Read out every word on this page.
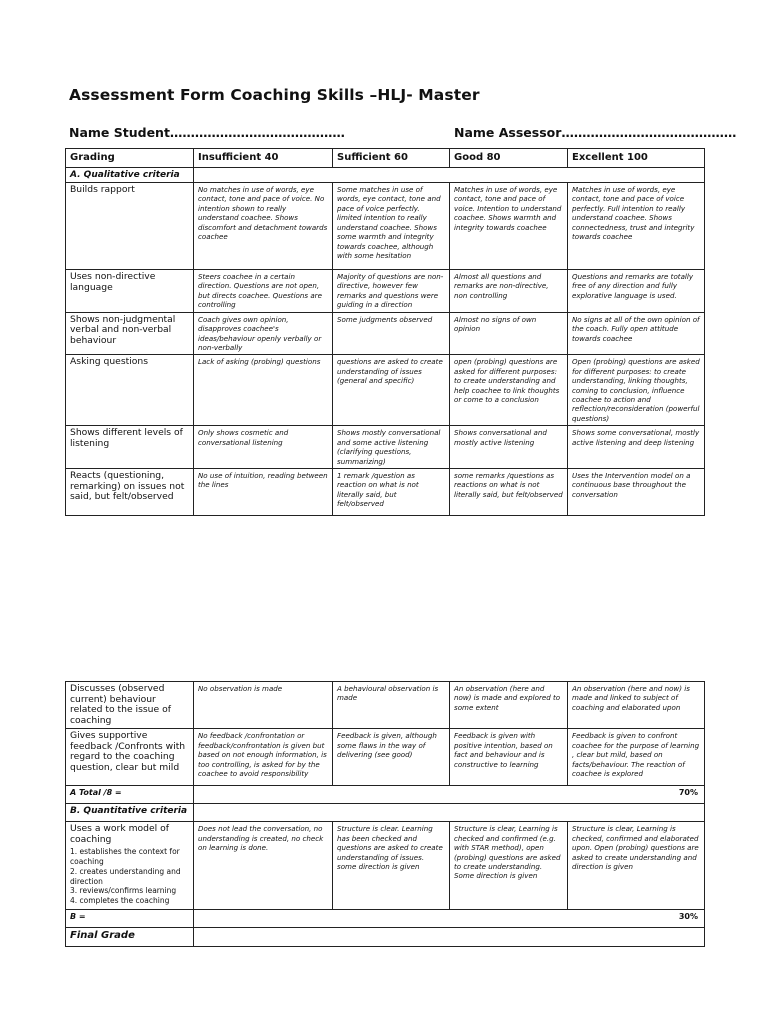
Assessment Form Coaching Skills –HLJ- Master
Name Student……………………………………	Name Assessor……………………………………
Grading	Insufficient 40	Sufficient 60	Good 80	Excellent 100
A. Qualitative criteria				
Builds rapport	No matches in use of words, eye contact, tone and pace of voice. No intention shown to really understand coachee. Shows discomfort and detachment towards coachee	Some matches in use of words, eye contact, tone and pace of voice perfectly. limited intention to really understand coachee. Shows some warmth and integrity towards coachee, although with some hesitation	Matches in use of words, eye contact, tone and pace of voice. Intention to understand coachee. Shows warmth and integrity towards coachee	Matches in use of words, eye contact, tone and pace of voice perfectly. Full intention to really understand coachee. Shows connectedness, trust and integrity towards coachee
Uses non-directive language	Steers coachee in a certain direction. Questions are not open, but directs coachee. Questions are controlling	Majority of questions are non-directive, however few remarks and questions were guiding in a direction	Almost all questions and remarks are non-directive, non controlling	Questions and remarks are totally free of any direction and fully explorative language is used.
Shows non-judgmental verbal and non-verbal behaviour	Coach gives own opinion, disapproves coachee's ideas/behaviour openly verbally or non-verbally	Some judgments observed	Almost no signs of own opinion	No signs at all of the own opinion of the coach. Fully open attitude towards coachee
Asking questions	Lack of asking (probing) questions	questions are asked to create understanding of issues (general and specific)	open (probing) questions are asked for different purposes: to create understanding and help coachee to link thoughts or come to a conclusion	Open (probing) questions are asked for different purposes: to create understanding, linking thoughts, coming to conclusion, influence coachee to action and reflection/reconsideration (powerful questions)
Shows different levels of listening	Only shows cosmetic and conversational listening	Shows mostly conversational and some active listening (clarifying questions, summarizing)	Shows conversational and mostly active listening	Shows some conversational, mostly active listening and deep listening
Reacts (questioning, remarking) on issues not said, but felt/observed	No use of intuition, reading between the lines	1 remark /question as reaction on what is not literally said, but felt/observed	some remarks /questions as reactions on what is not literally said, but felt/observed	Uses the Intervention model on a continuous base throughout the conversation
Discusses (observed current) behaviour related to the issue of coaching	No observation is made	A behavioural observation is made	An observation (here and now) is made and explored to some extent	An observation (here and now) is made and linked to subject of coaching and elaborated upon
Gives supportive feedback /Confronts with regard to the coaching question, clear but mild	No feedback /confrontation or feedback/confrontation is given but based on not enough information, is too controlling, is asked for by the coachee to avoid responsibility	Feedback is given, although some flaws in the way of delivering (see good)	Feedback is given with positive intention, based on fact and behaviour and is constructive to learning	Feedback is given to confront coachee for the purpose of learning , clear but mild, based on facts/behaviour. The reaction of coachee is explored
A Total /8 =	70%			
B. Quantitative criteria				

Uses a work model of coaching
1. establishes the context for coaching
2. creates understanding and direction
3. reviews/confirms learning
4. completes the coaching	Does not lead the conversation, no understanding is created, no check on learning is done.	Structure is clear. Learning has been checked and questions are asked to create understanding of issues. some direction is given	Structure is clear, Learning is checked and confirmed (e.g. with STAR method), open (probing) questions are asked to create understanding. Some direction is given	Structure is clear, Learning is checked, confirmed and elaborated upon. Open (probing) questions are asked to create understanding and direction is given
B =	30%			
Final Grade				
